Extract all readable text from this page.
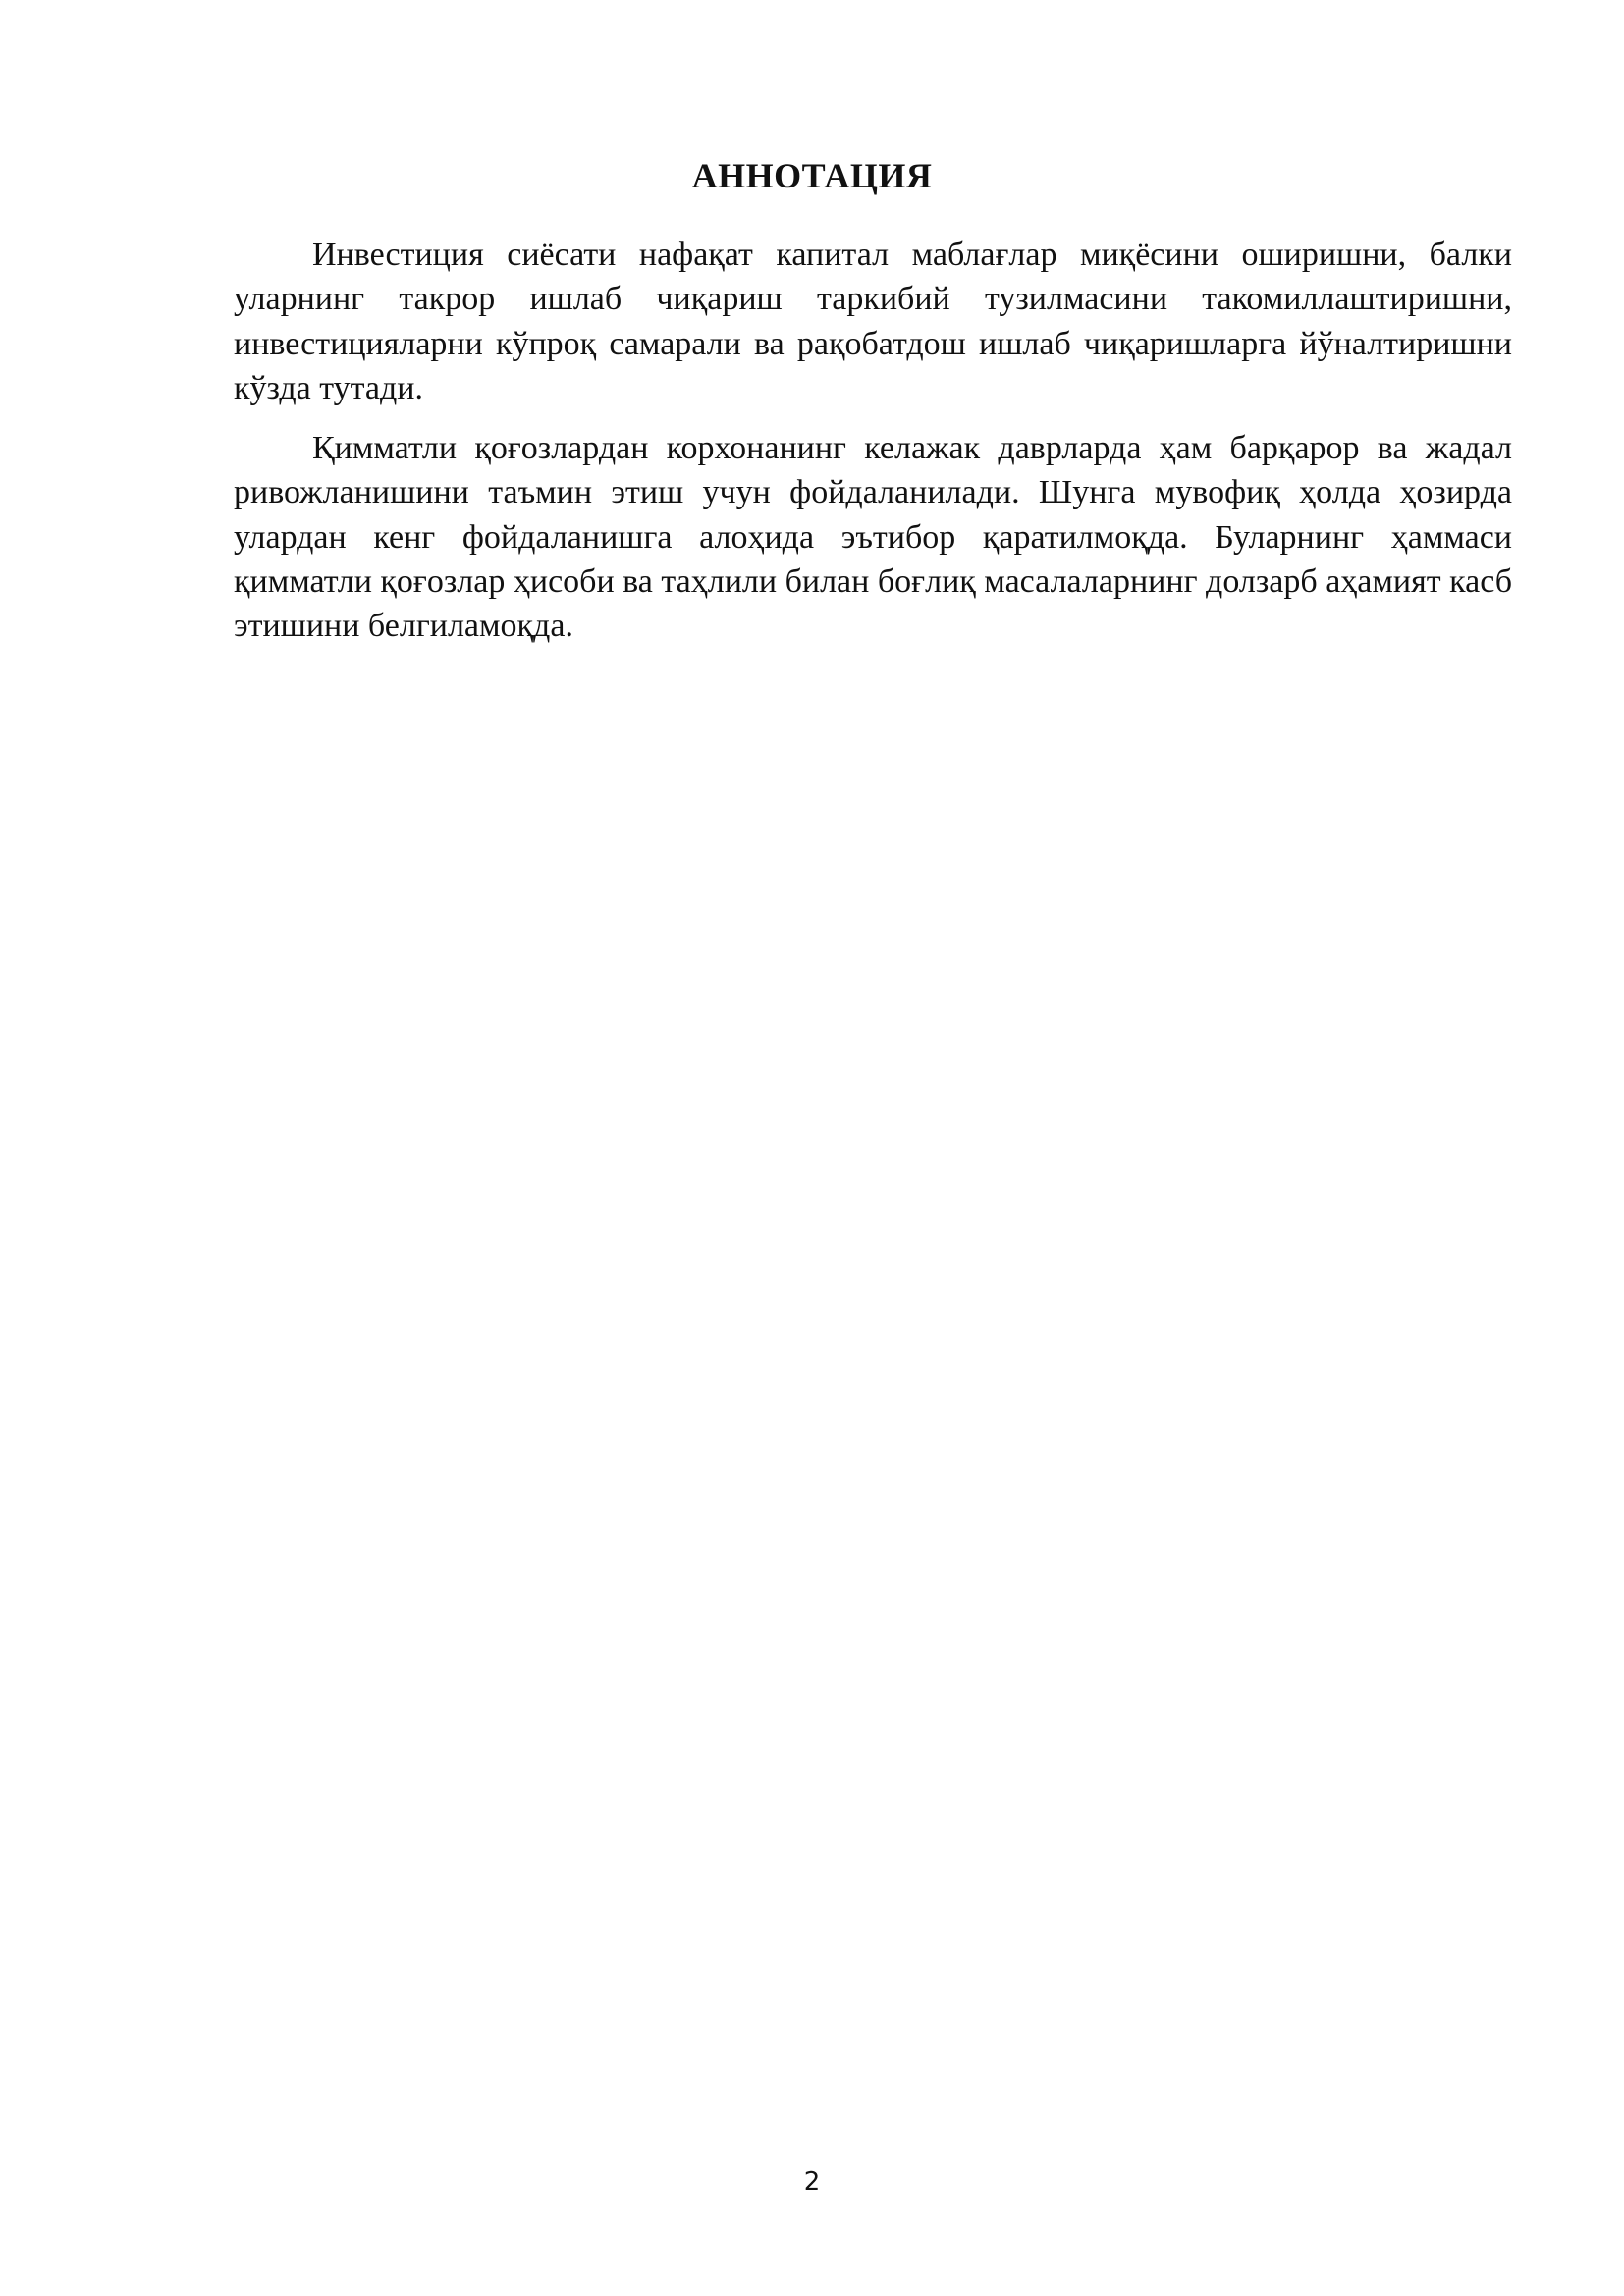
АННОТАЦИЯ

Инвестиция сиёсати нафақат капитал маблағлар миқёсини оширишни, балки уларнинг такрор ишлаб чиқариш таркибий тузилмасини такомиллаштиришни, инвестицияларни кўпроқ самарали ва рақобатдош ишлаб чиқаришларга йўналтиришни кўзда тутади.

Қимматли қоғозлардан корхонанинг келажак даврларда ҳам барқарор ва жадал ривожланишини таъмин этиш учун фойдаланилади. Шунга мувофиқ ҳолда ҳозирда улардан кенг фойдаланишга алоҳида эътибор қаратилмоқда. Буларнинг ҳаммаси қимматли қоғозлар ҳисоби ва таҳлили билан боғлиқ масалаларнинг долзарб аҳамият касб этишини белгиламоқда.

2
